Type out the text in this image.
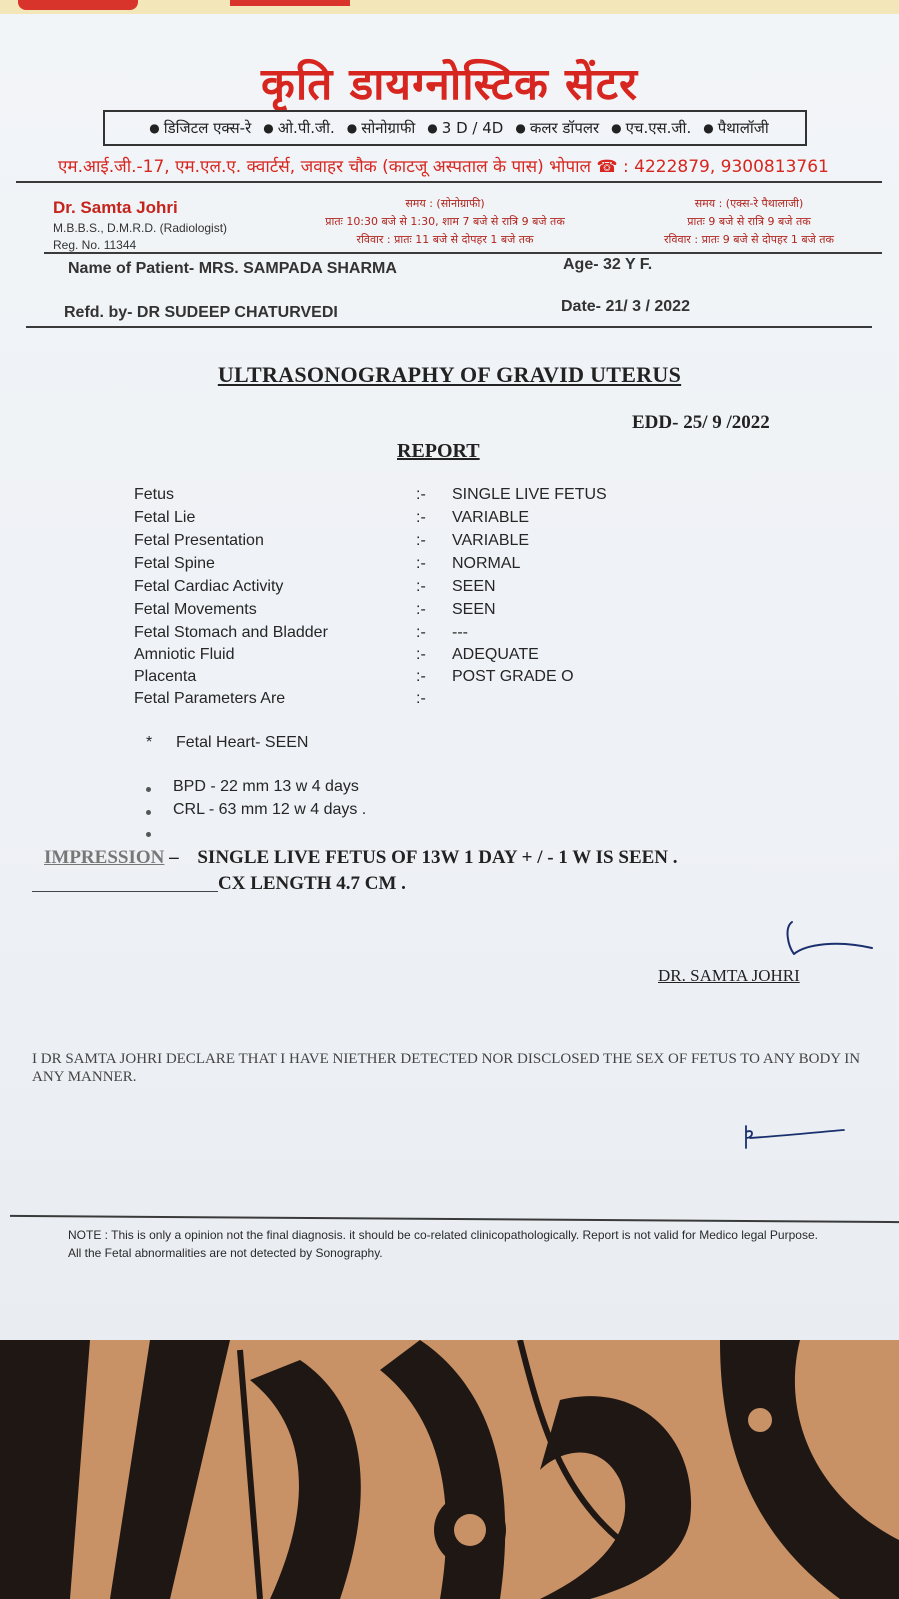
कृति डायग्नोस्टिक सेंटर
● डिजिटल एक्स-रे	● ओ.पी.जी.	● सोनोग्राफी	● 3 D / 4D	● कलर डॉपलर	● एच.एस.जी.	● पैथालॉजी
एम.आई.जी.-17, एम.एल.ए. क्वार्टर्स, जवाहर चौक (काटजू अस्पताल के पास) भोपाल ☎ : 4222879, 9300813761
Dr. Samta Johri
M.B.B.S., D.M.R.D. (Radiologist)
Reg. No. 11344
समय : (सोनोग्राफी)
प्रातः 10:30 बजे से 1:30, शाम 7 बजे से रात्रि 9 बजे तक
रविवार : प्रातः 11 बजे से दोपहर 1 बजे तक
समय : (एक्स-रे पैथालाजी)
प्रातः 9 बजे से रात्रि 9 बजे तक
रविवार : प्रातः 9 बजे से दोपहर 1 बजे तक
Name of Patient- MRS. SAMPADA SHARMA	Age- 32 Y F.
Refd. by- DR SUDEEP CHATURVEDI	Date- 21/ 3 / 2022
ULTRASONOGRAPHY OF GRAVID UTERUS
EDD- 25/ 9 /2022
REPORT
Fetus	:- SINGLE LIVE FETUS
Fetal Lie	:- VARIABLE
Fetal Presentation	:- VARIABLE
Fetal Spine	:- NORMAL
Fetal Cardiac Activity	:- SEEN
Fetal Movements	:- SEEN
Fetal Stomach and Bladder	:- ---
Amniotic Fluid	:- ADEQUATE
Placenta	:- POST GRADE O
Fetal Parameters Are	:-
* Fetal Heart- SEEN
BPD - 22 mm 13 w 4 days
CRL - 63 mm 12 w 4 days .
IMPRESSION – SINGLE LIVE FETUS OF 13W 1 DAY + / - 1 W IS SEEN .
CX LENGTH 4.7 CM .
DR. SAMTA JOHRI
I DR SAMTA JOHRI DECLARE THAT I HAVE NIETHER DETECTED NOR DISCLOSED THE SEX OF FETUS TO ANY BODY IN ANY MANNER.
NOTE : This is only a opinion not the final diagnosis. it should be co-related clinicopathologically. Report is not valid for Medico legal Purpose.
All the Fetal abnormalities are not detected by Sonography.
